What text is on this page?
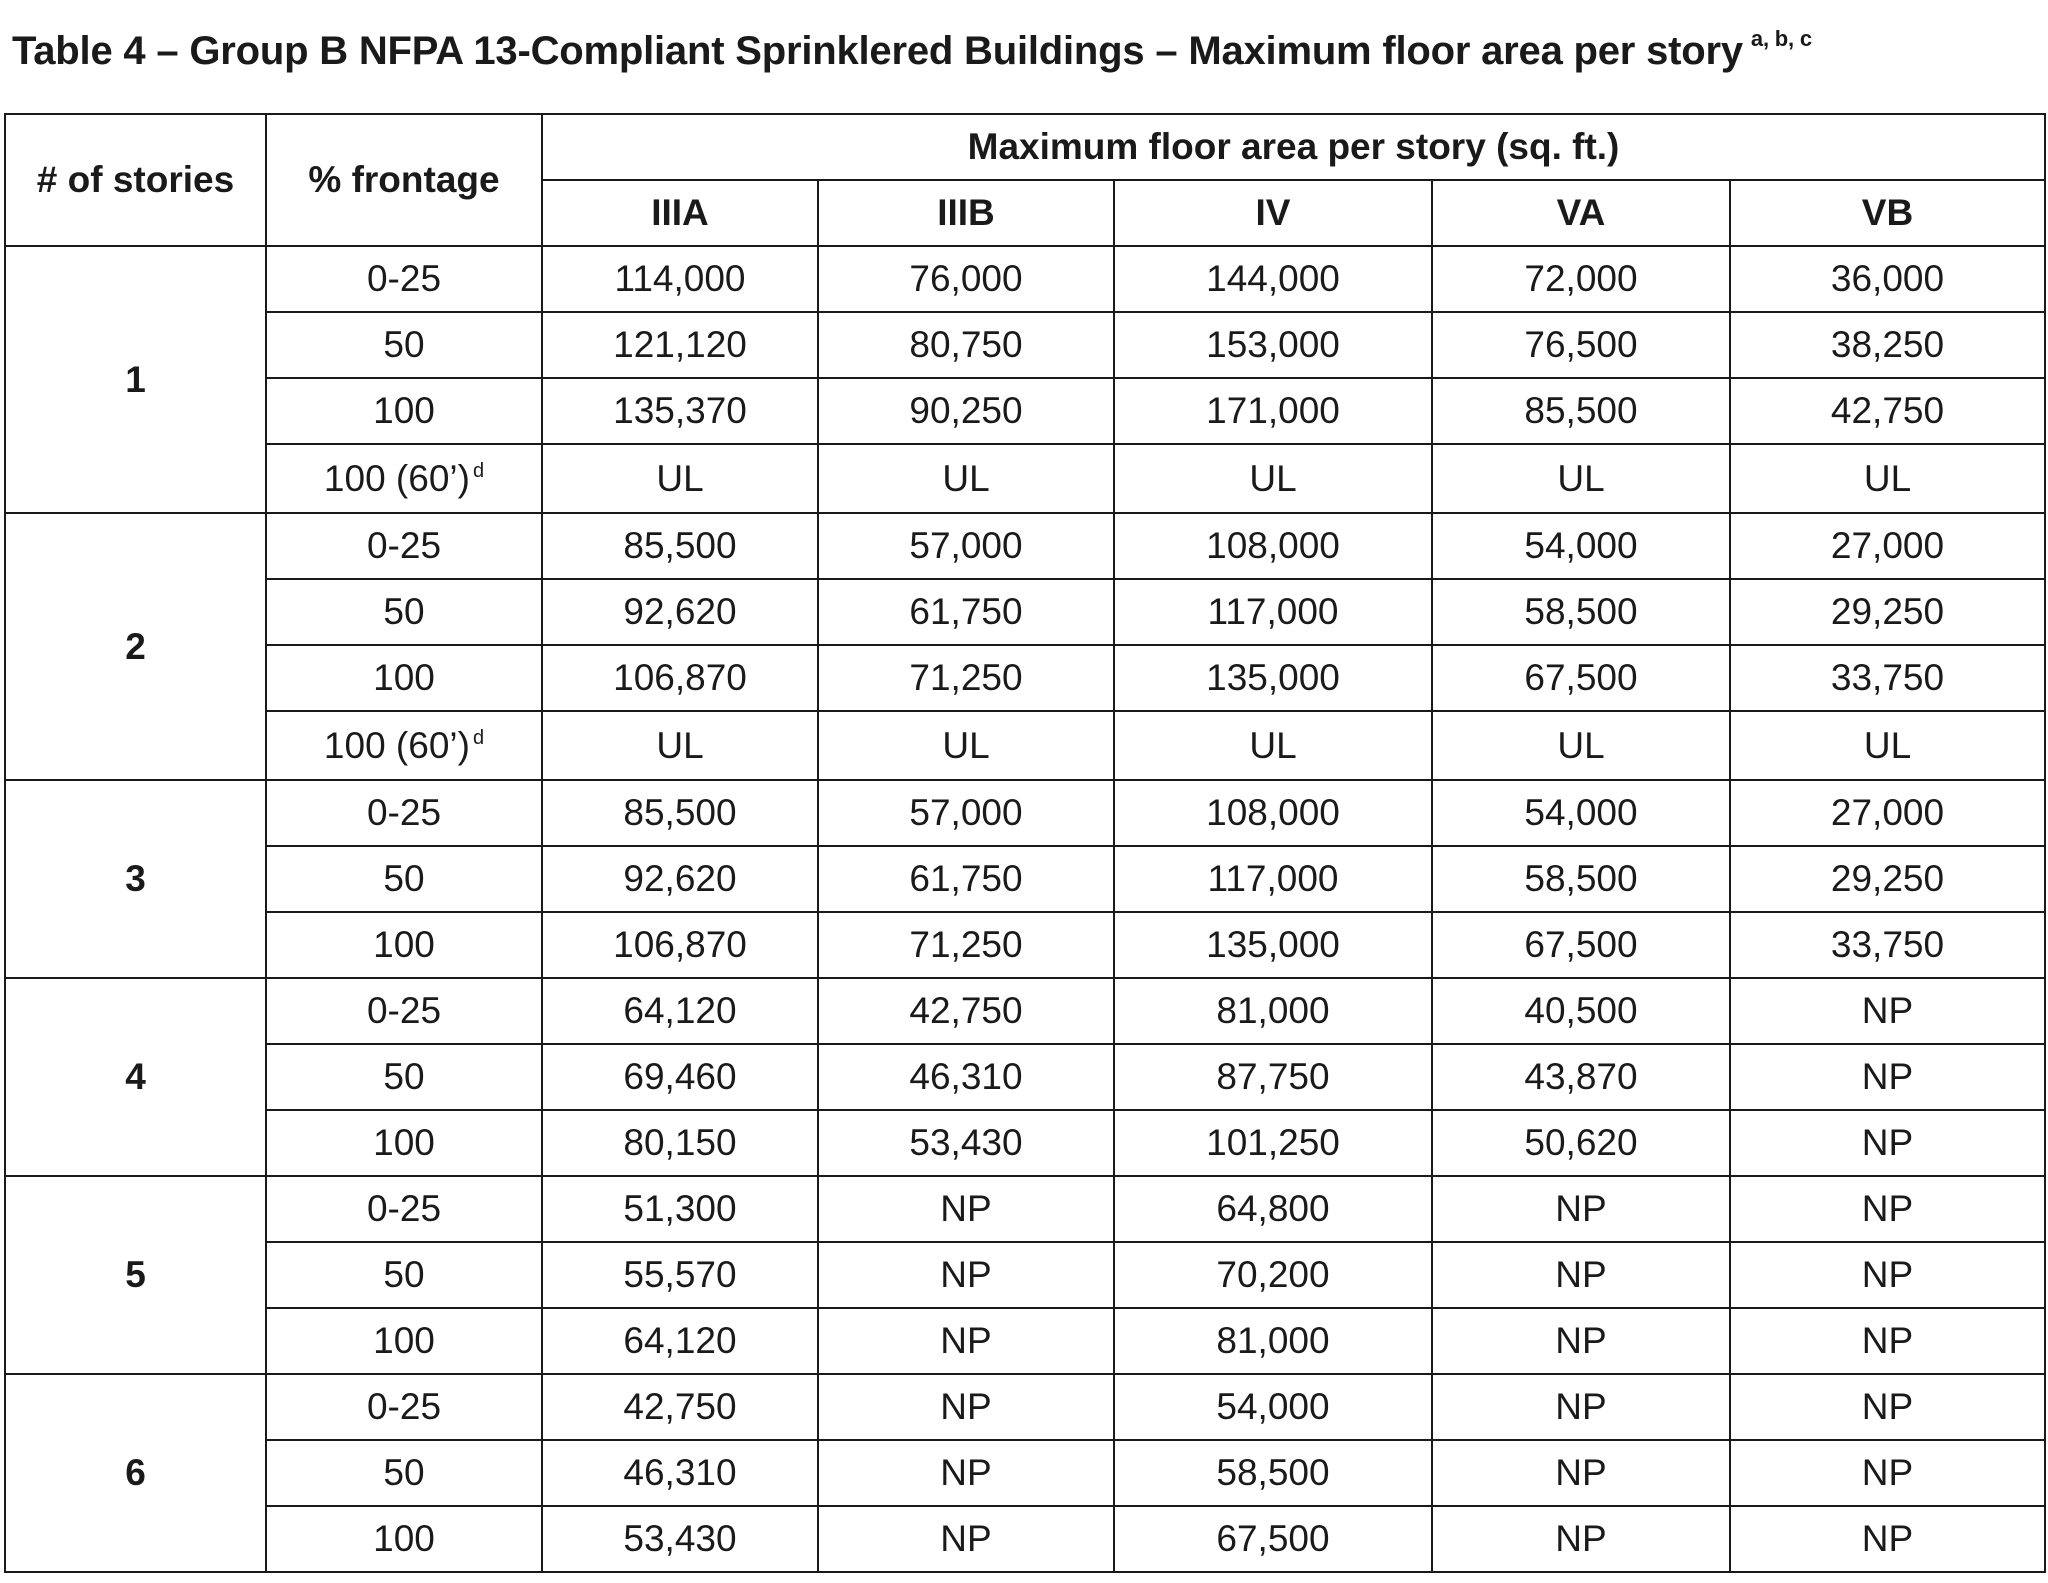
Table 4 – Group B NFPA 13-Compliant Sprinklered Buildings – Maximum floor area per story $^{a, b, c}$
# of stories	% frontage	Maximum floor area per story (sq. ft.)				
		IIIA	IIIB	IV	VA	VB
1	0-25	114,000	76,000	144,000	72,000	36,000
	50	121,120	80,750	153,000	76,500	38,250
	100	135,370	90,250	171,000	85,500	42,750
	100 (60’) $^d$	UL	UL	UL	UL	UL
2	0-25	85,500	57,000	108,000	54,000	27,000
	50	92,620	61,750	117,000	58,500	29,250
	100	106,870	71,250	135,000	67,500	33,750
	100 (60’) $^d$	UL	UL	UL	UL	UL
3	0-25	85,500	57,000	108,000	54,000	27,000
	50	92,620	61,750	117,000	58,500	29,250
	100	106,870	71,250	135,000	67,500	33,750
4	0-25	64,120	42,750	81,000	40,500	NP
	50	69,460	46,310	87,750	43,870	NP
	100	80,150	53,430	101,250	50,620	NP
5	0-25	51,300	NP	64,800	NP	NP
	50	55,570	NP	70,200	NP	NP
	100	64,120	NP	81,000	NP	NP
6	0-25	42,750	NP	54,000	NP	NP
	50	46,310	NP	58,500	NP	NP
	100	53,430	NP	67,500	NP	NP
